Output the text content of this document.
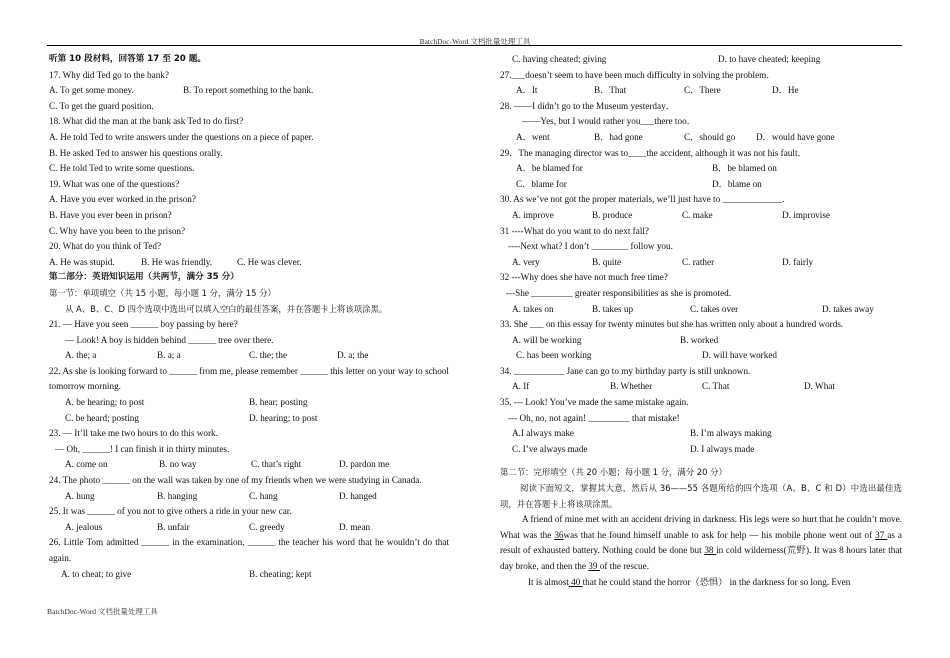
BatchDoc-Word 文档批量处理工具
听第 10 段材料，回答第 17 至 20 题。
17. Why did Ted go to the bank?
A. To get some money.	B. To report something to the bank.
C. To get the guard position.
18. What did the man at the bank ask Ted to do first?
A. He told Ted to write answers under the questions on a piece of paper.
B. He asked Ted to answer his questions orally.
C. He told Ted to write some questions.
19. What was one of the questions?
A. Have you ever worked in the prison?
B. Have you ever been in prison?
C. Why have you been to the prison?
20. What do you think of Ted?
A. He was stupid.	B. He was friendly.	C. He was clever.
第二部分：英语知识运用（共两节，满分 35 分）
第一节：单项填空（共 15 小题，每小题 1 分，满分 15 分）
从 A、B、C、D 四个选项中选出可以填入空白的最佳答案，并在答题卡上将该项涂黑。
21. — Have you seen ______ boy passing by here?
— Look! A boy is hidden behind ______ tree over there.
A. the; a	B. a; a	C. the; the	D. a; the
22. As she is looking forward to ______ from me, please remember ______ this letter on your way to school tomorrow morning.
A. be hearing; to post	B. hear; posting
C. be heard; posting	D. hearing; to post
23. — It’ll take me two hours to do this work.
— Oh, ______! I can finish it in thirty minutes.
A. come on	B. no way	C. that’s right	D. pardon me
24. The photo ______ on the wall was taken by one of my friends when we were studying in Canada.
A. hung	B. hanging	C. hang	D. hanged
25. It was ______ of you not to give others a ride in your new car.
A. jealous	B. unfair	C. greedy	D. mean
26. Little Tom admitted ______ in the examination, ______ the teacher his word that he wouldn’t do that again.
A. to cheat; to give	B. cheating; kept
C. having cheated; giving	D. to have cheated; keeping
27.___doesn’t seem to have been much difficulty in solving the problem．
A．It	B．That	C．There	D．He
28. ——I didn’t go to the Museum yesterday．
——Yes, but I would rather you___there too．
A．went	B．had gone	C．should go	D．would have gone
29．The managing director was to____the accident, although it was not his fault．
A．be blamed for	B．be blamed on
C．blame for	D．blame on
30. As we’ve not got the proper materials, we’ll just have to _____________.
A. improve	B. produce	C. make	D. improvise
31 ----What do you want to do next fall?
----Next what? I don’t ________ follow you.
A. very	B. quite	C. rather	D. fairly
32 ---Why does she have not much free time?
---She _________ greater responsibilities as she is promoted.
A. takes on	B. takes up	C. takes over	D. takes away
33. She ___ on this essay for twenty minutes but she has written only about a hundred words.
A. will be working	B. worked
C. has been working	D. will have worked
34. ___________ Jane can go to my birthday party is still unknown.
A. If	B. Whether	C. That	D. What
35. --- Look! You’ve made the same mistake again.
--- Oh, no, not again! _________ that mistake!
A.I always make	B. I’m always making
C. I’ve always made	D. I always made
第二节：完形填空（共 20 小题；每小题 1 分，满分 20 分）
阅读下面短文，掌握其大意，然后从 36——55 各题所给的四个选项（A、B、C 和 D）中选出最佳选项，并在答题卡上将该项涂黑。
A friend of mine met with an accident driving in darkness. His legs were so hurt that he couldn’t move. What was the 36was that he found himself unable to ask for help — his mobile phone went out of 37 as a result of exhausted battery. Nothing could be done but 38 in cold wilderness(荒野). It was 8 hours later that day broke, and then the 39 of the rescue.
It is almost 40 that he could stand the horror（恐惧） in the darkness for so long. Even
BatchDoc-Word 文档批量处理工具
